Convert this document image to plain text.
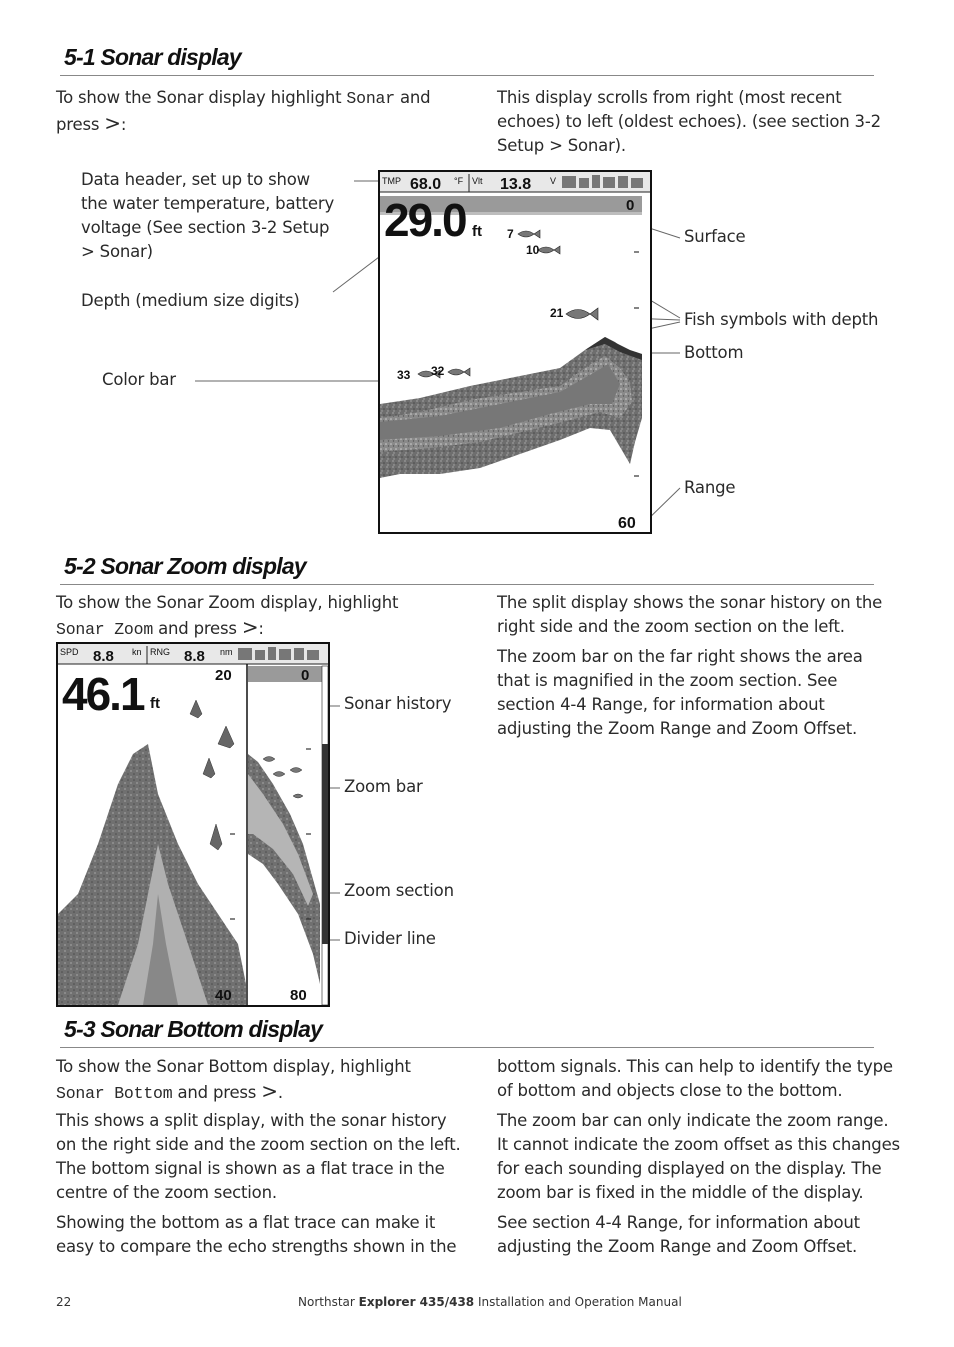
5-1 Sonar display
To show the Sonar display highlight Sonar and press >:
This display scrolls from right (most recent echoes) to left (oldest echoes). (see section 3-2 Setup > Sonar).
Data header, set up to show the water temperature, battery voltage (See section 3-2 Setup > Sonar)
Depth (medium size digits)
Color bar
Surface
Fish symbols with depth
Bottom
Range
TMP 68.0 °F Vlt 13.8 V
29.0 ft
0
7
10
21
33 32
60
5-2 Sonar Zoom display
To show the Sonar Zoom display, highlight
Sonar Zoom and press >:
The split display shows the sonar history on the right side and the zoom section on the left.
The zoom bar on the far right shows the area that is magnified in the zoom section. See section 4-4 Range, for information about adjusting the Zoom Range and Zoom Offset.
Sonar history
Zoom bar
Zoom section
Divider line
SPD 8.8 kn RNG 8.8 nm
46.1 ft
20
40
0
80
5-3 Sonar Bottom display
To show the Sonar Bottom display, highlight
Sonar Bottom and press >.
This shows a split display, with the sonar history on the right side and the zoom section on the left. The bottom signal is shown as a flat trace in the centre of the zoom section.
Showing the bottom as a flat trace can make it easy to compare the echo strengths shown in the
bottom signals. This can help to identify the type of bottom and objects close to the bottom.
The zoom bar can only indicate the zoom range. It cannot indicate the zoom offset as this changes for each sounding displayed on the display. The zoom bar is fixed in the middle of the display.
See section 4-4 Range, for information about adjusting the Zoom Range and Zoom Offset.
22	Northstar Explorer 435/438 Installation and Operation Manual
